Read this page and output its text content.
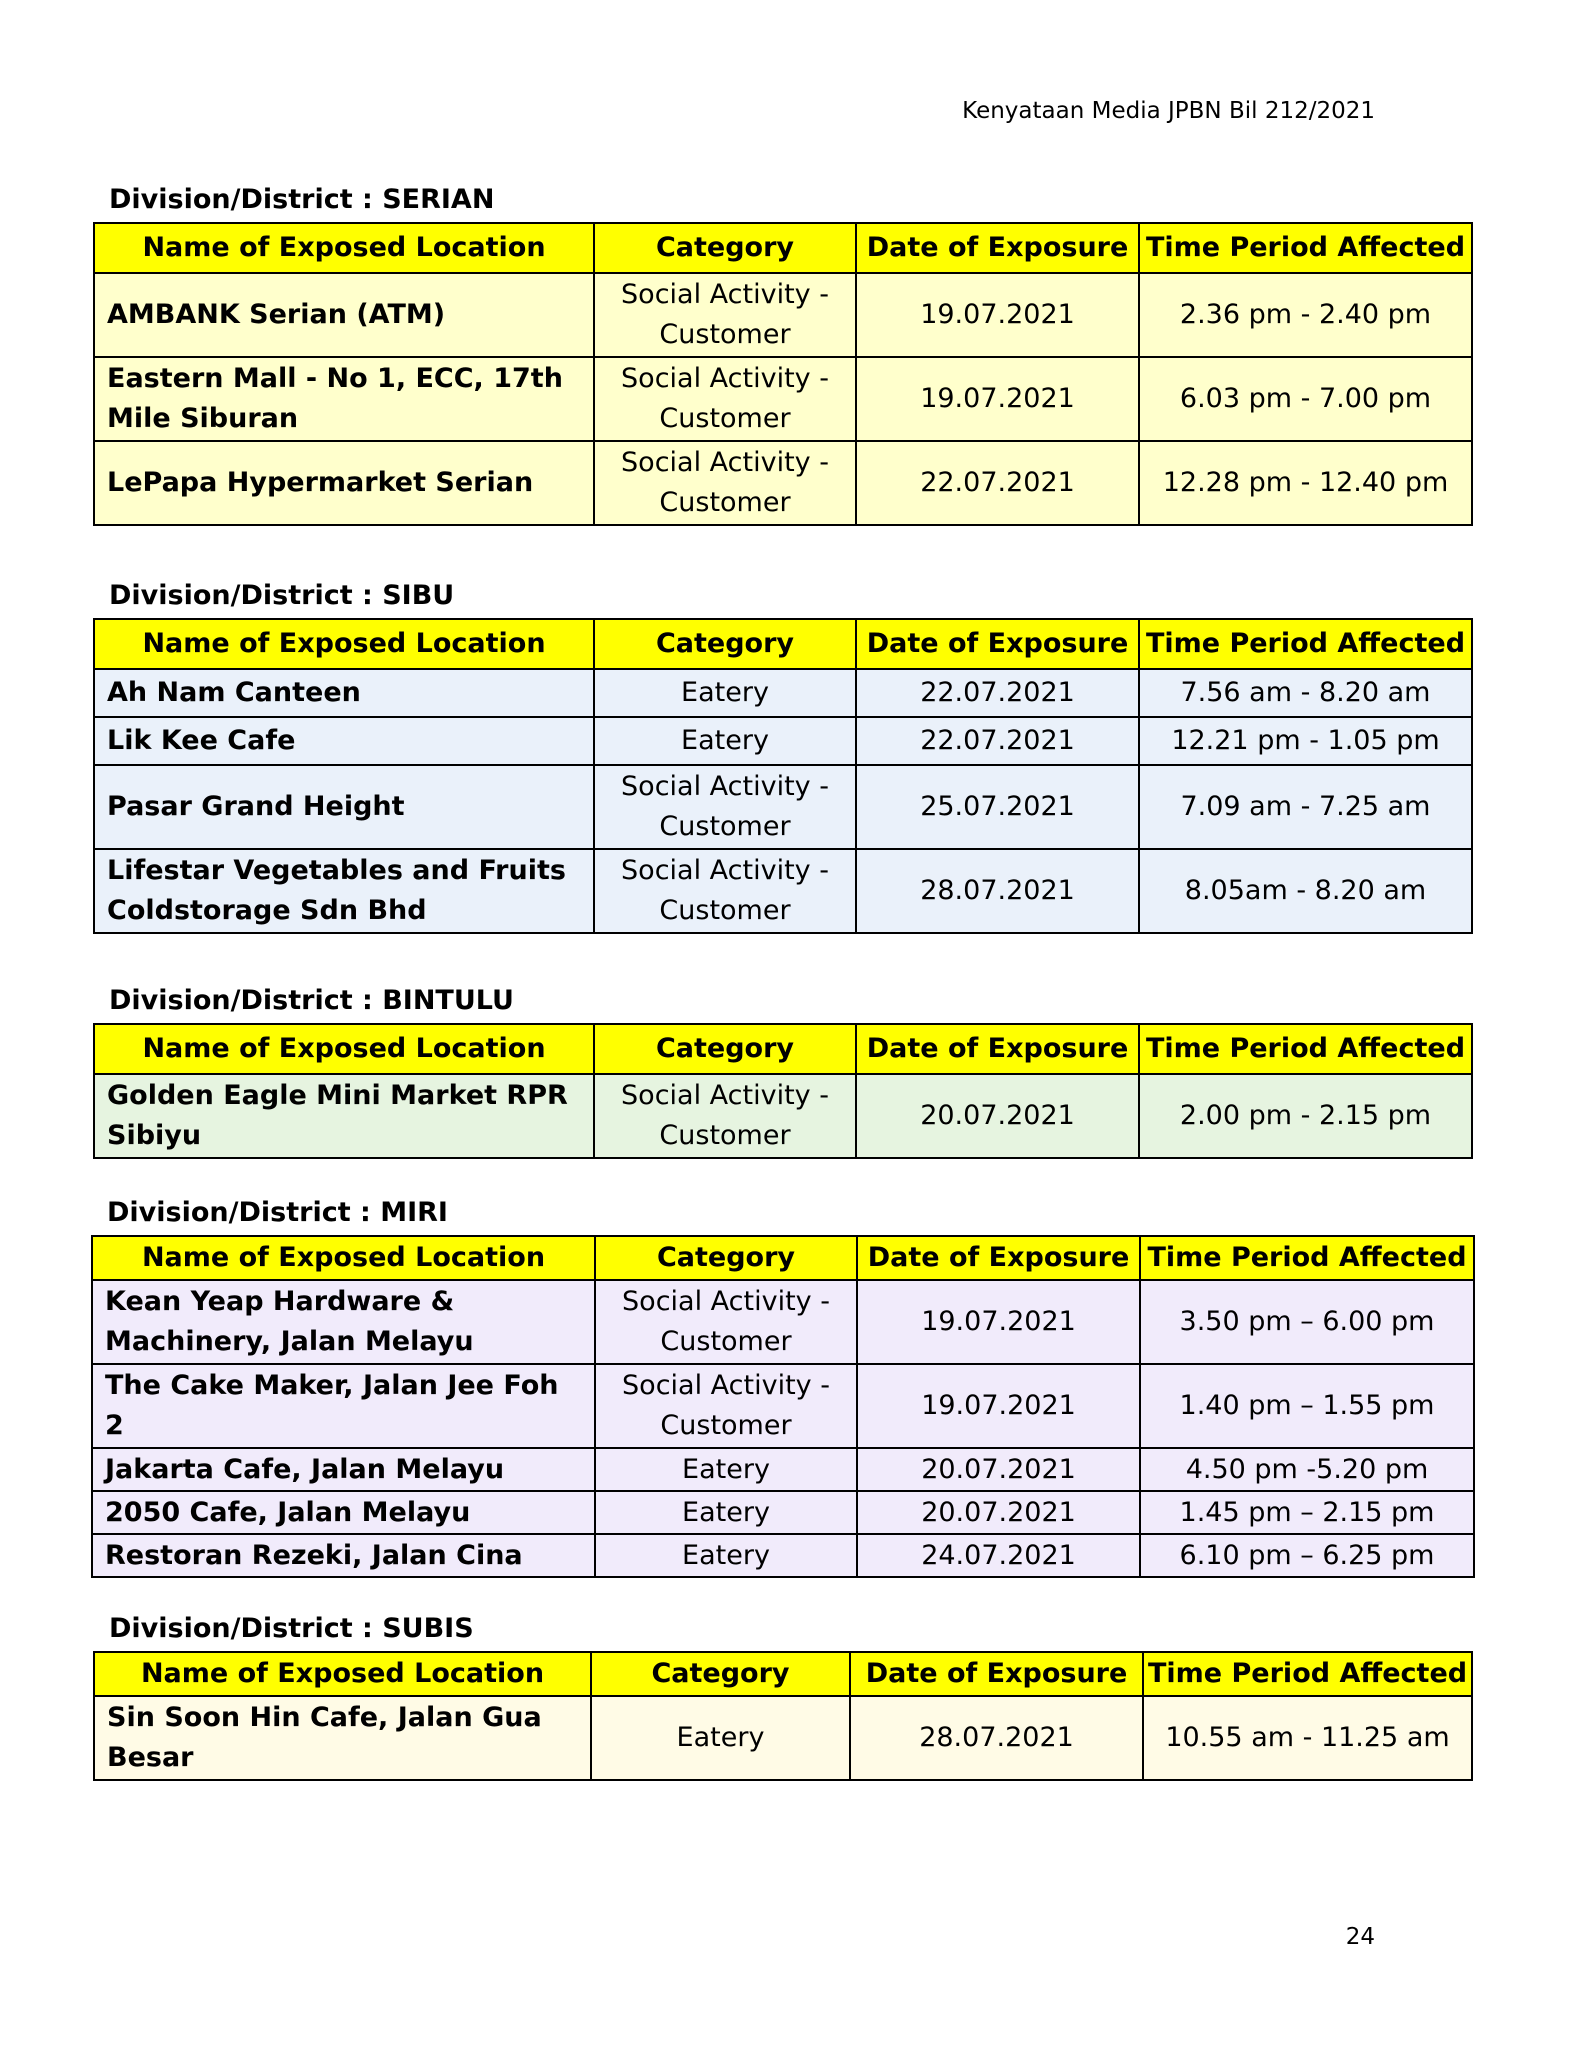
Kenyataan Media JPBN Bil 212/2021
Division/District : SERIAN
Name of Exposed Location	Category	Date of Exposure	Time Period Affected
AMBANK Serian (ATM)	Social Activity - Customer	19.07.2021	2.36 pm - 2.40 pm
Eastern Mall - No 1, ECC, 17th Mile Siburan	Social Activity - Customer	19.07.2021	6.03 pm - 7.00 pm
LePapa Hypermarket Serian	Social Activity - Customer	22.07.2021	12.28 pm - 12.40 pm
Division/District : SIBU
Name of Exposed Location	Category	Date of Exposure	Time Period Affected
Ah Nam Canteen	Eatery	22.07.2021	7.56 am - 8.20 am
Lik Kee Cafe	Eatery	22.07.2021	12.21 pm - 1.05 pm
Pasar Grand Height	Social Activity - Customer	25.07.2021	7.09 am - 7.25 am
Lifestar Vegetables and Fruits Coldstorage Sdn Bhd	Social Activity - Customer	28.07.2021	8.05am - 8.20 am
Division/District : BINTULU
Name of Exposed Location	Category	Date of Exposure	Time Period Affected
Golden Eagle Mini Market RPR Sibiyu	Social Activity - Customer	20.07.2021	2.00 pm - 2.15 pm
Division/District : MIRI
Name of Exposed Location	Category	Date of Exposure	Time Period Affected
Kean Yeap Hardware & Machinery, Jalan Melayu	Social Activity - Customer	19.07.2021	3.50 pm – 6.00 pm
The Cake Maker, Jalan Jee Foh 2	Social Activity - Customer	19.07.2021	1.40 pm – 1.55 pm
Jakarta Cafe, Jalan Melayu	Eatery	20.07.2021	4.50 pm -5.20 pm
2050 Cafe, Jalan Melayu	Eatery	20.07.2021	1.45 pm – 2.15 pm
Restoran Rezeki, Jalan Cina	Eatery	24.07.2021	6.10 pm – 6.25 pm
Division/District : SUBIS
Name of Exposed Location	Category	Date of Exposure	Time Period Affected
Sin Soon Hin Cafe, Jalan Gua Besar	Eatery	28.07.2021	10.55 am - 11.25 am
24
